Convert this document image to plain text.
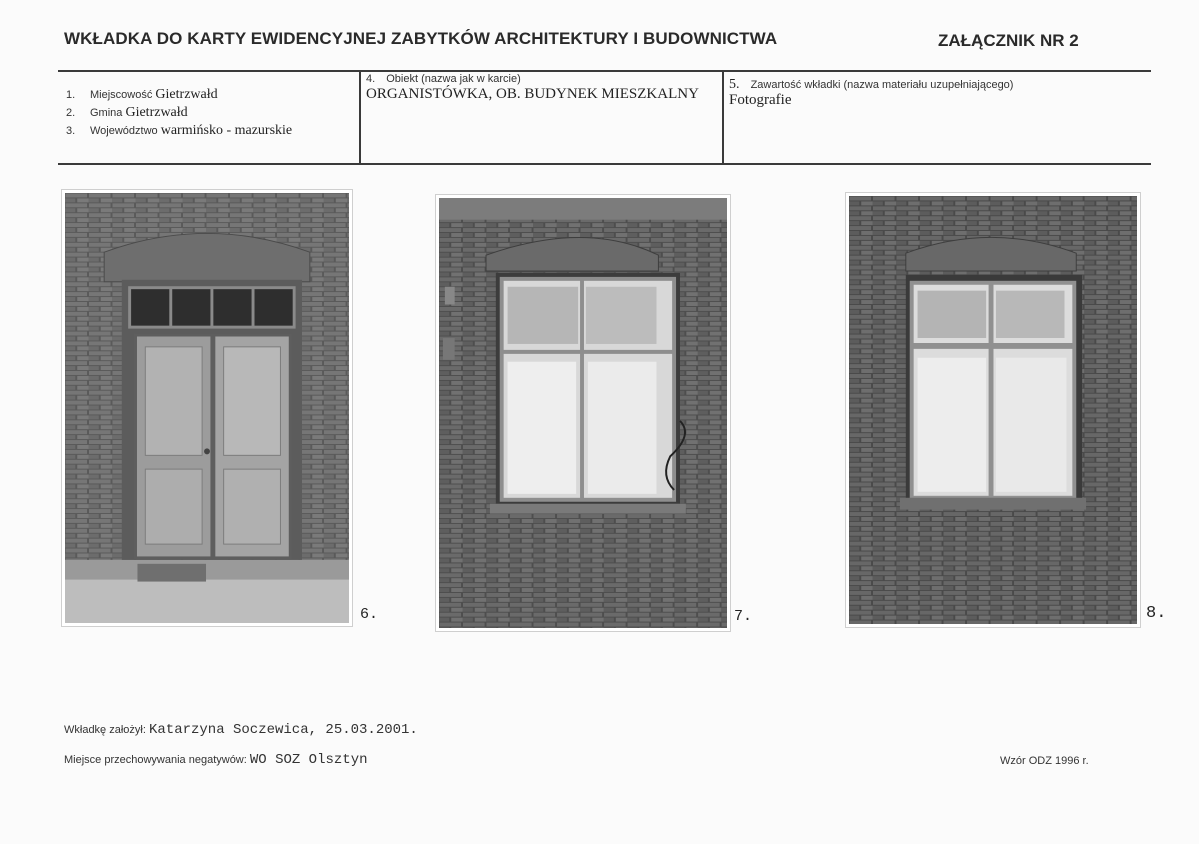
WKŁADKA DO KARTY EWIDENCYJNEJ ZABYTKÓW ARCHITEKTURY I BUDOWNICTWA	ZAŁĄCZNIK NR 2
1. Miejscowość Gietrzwałd
2. Gmina Gietrzwałd
3. Województwo warmińsko - mazurskie
4. Obiekt (nazwa jak w karcie)
ORGANISTÓWKA, OB. BUDYNEK MIESZKALNY
5. Zawartość wkładki (nazwa materiału uzupełniającego)
Fotografie
6.	7.	8.
Wkładkę założył: Katarzyna Soczewica, 25.03.2001.
Miejsce przechowywania negatywów: WO SOZ Olsztyn	Wzór ODZ 1996 r.
